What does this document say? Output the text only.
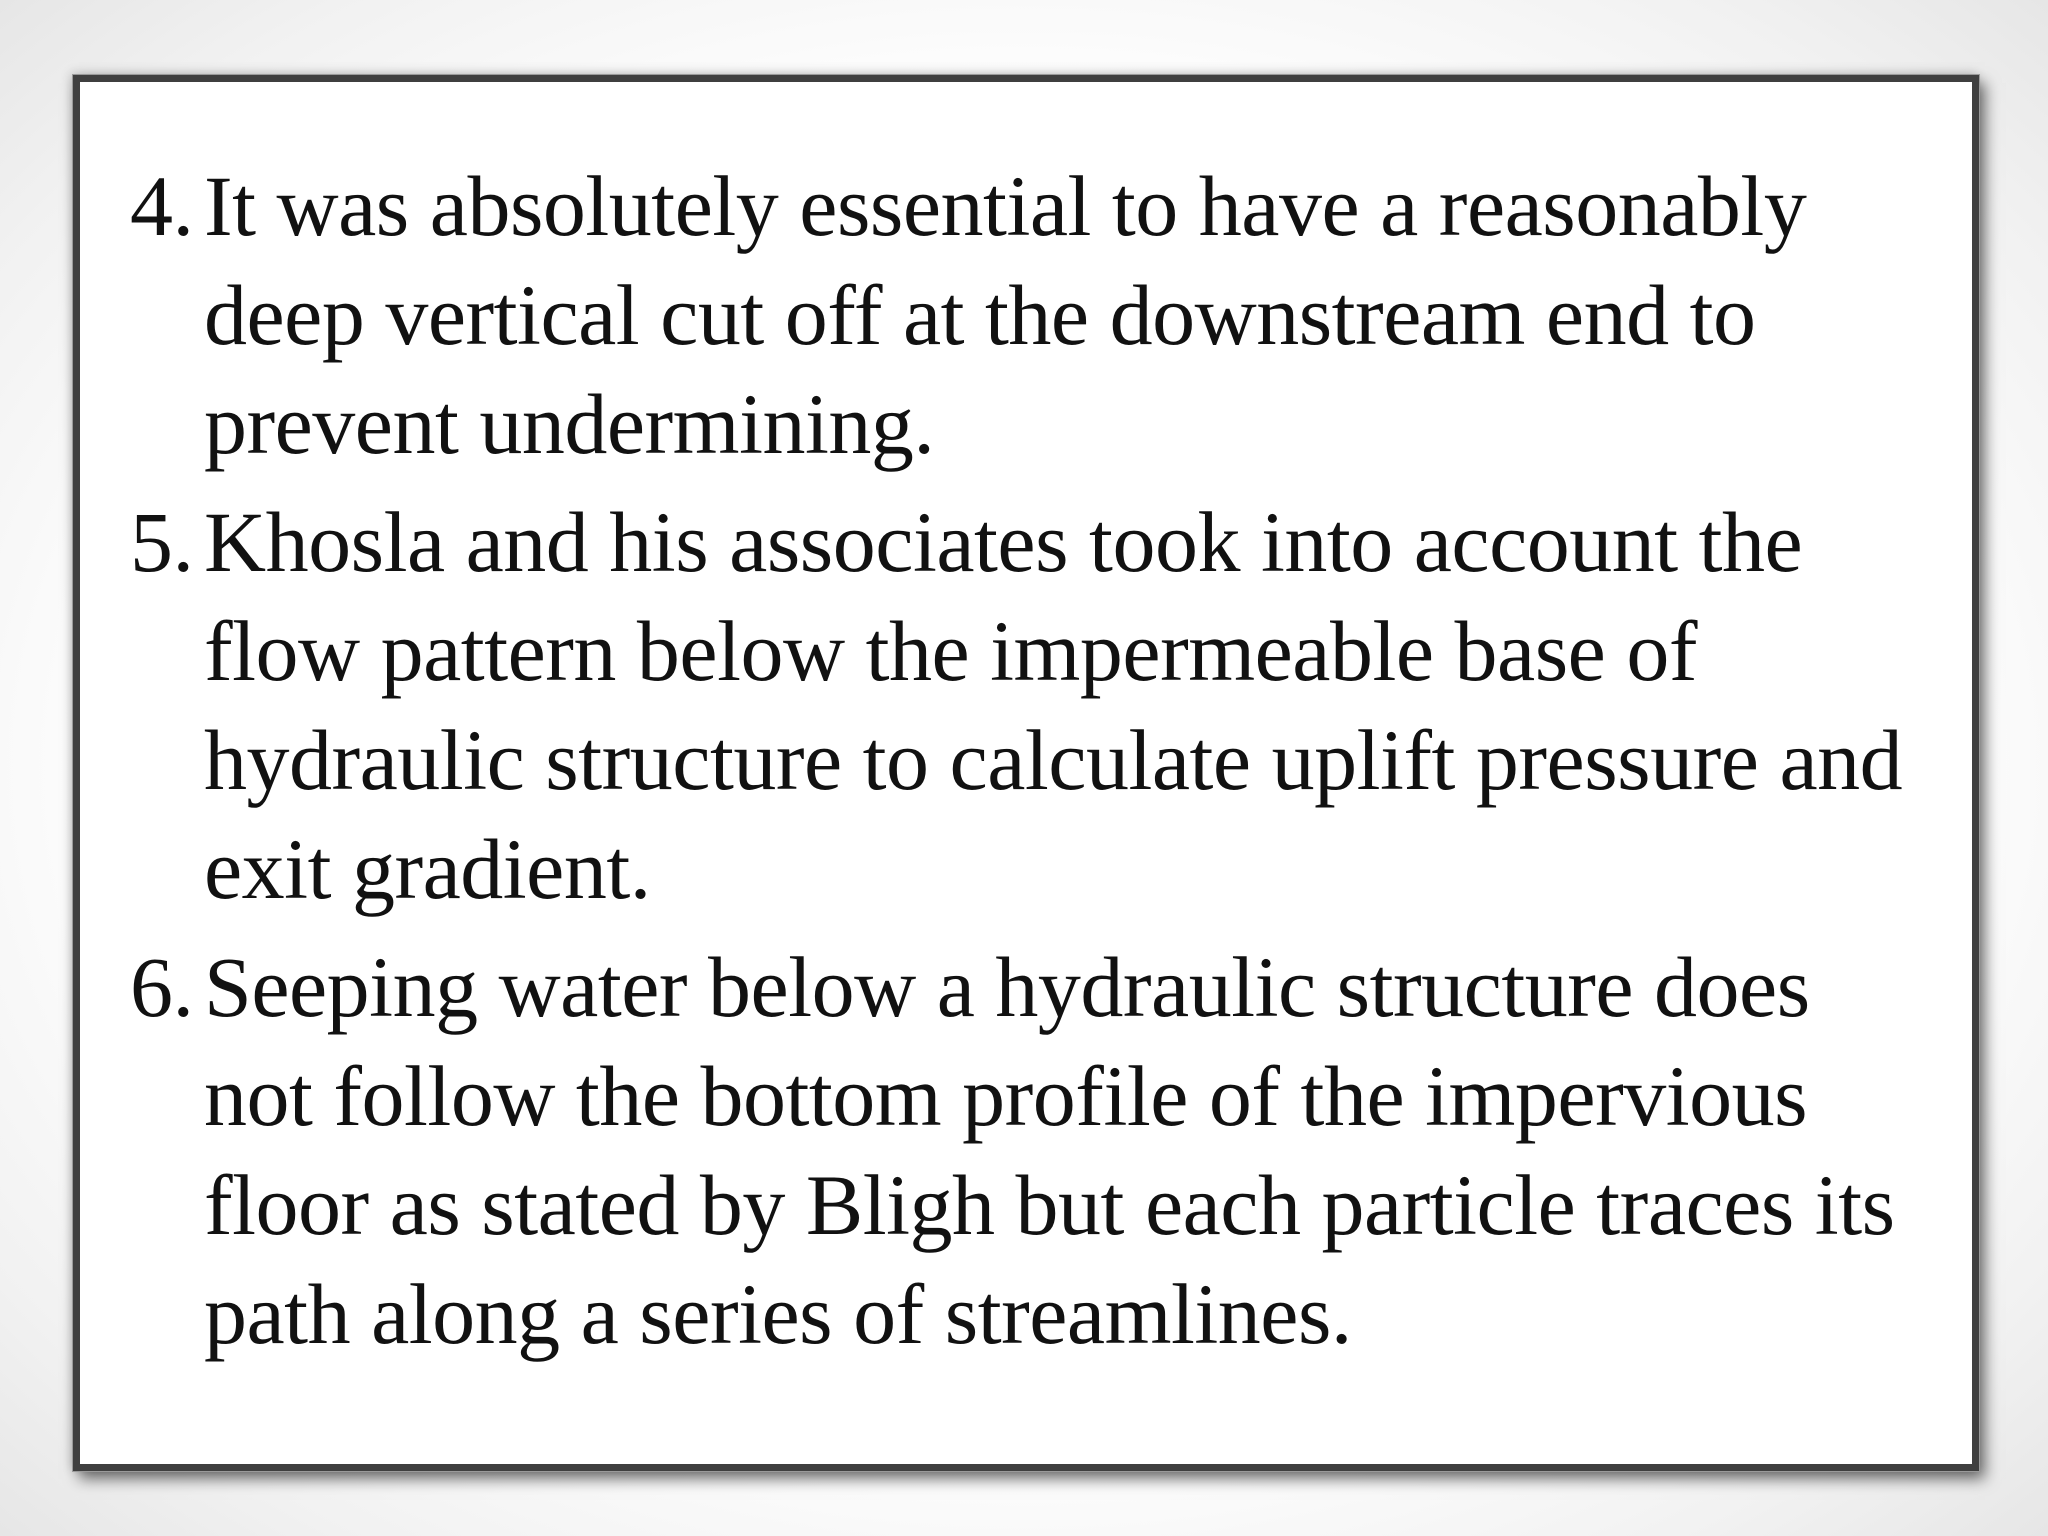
4. It was absolutely essential to have a reasonably deep vertical cut off at the downstream end to prevent undermining.

5. Khosla and his associates took into account the flow pattern below the impermeable base of hydraulic structure to calculate uplift pressure and exit gradient.

6. Seeping water below a hydraulic structure does not follow the bottom profile of the impervious floor as stated by Bligh but each particle traces its path along a series of streamlines.
